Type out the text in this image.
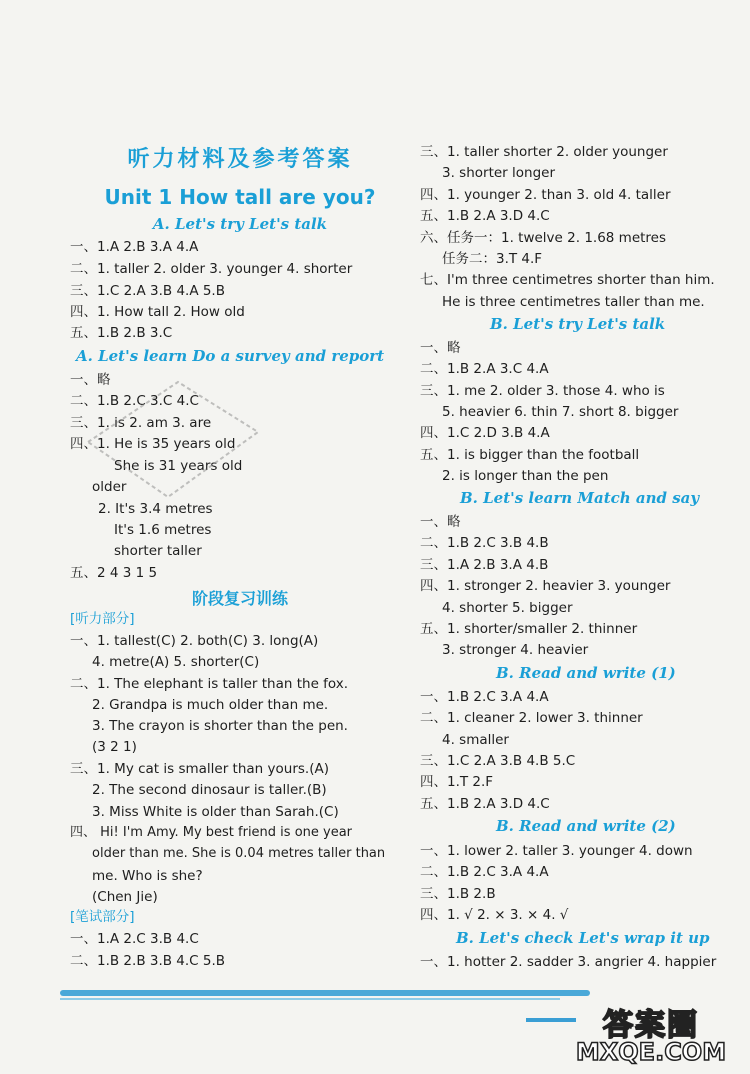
听力材料及参考答案
Unit 1 How tall are you?
A. Let's try Let's talk
一、1.A 2.B 3.A 4.A
二、1. taller 2. older 3. younger 4. shorter
三、1.C 2.A 3.B 4.A 5.B
四、1. How tall 2. How old
五、1.B 2.B 3.C
A. Let's learn Do a survey and report
一、略
二、1.B 2.C 3.C 4.C
三、1. is 2. am 3. are
四、1. He is 35 years old
She is 31 years old
older
2. It's 3.4 metres
It's 1.6 metres
shorter taller
五、2 4 3 1 5
阶段复习训练
[听力部分]
一、1. tallest(C) 2. both(C) 3. long(A)
4. metre(A) 5. shorter(C)
二、1. The elephant is taller than the fox.
2. Grandpa is much older than me.
3. The crayon is shorter than the pen.
(3 2 1)
三、1. My cat is smaller than yours.(A)
2. The second dinosaur is taller.(B)
3. Miss White is older than Sarah.(C)
四、 Hi! I'm Amy. My best friend is one year
older than me. She is 0.04 metres taller than
me. Who is she?
(Chen Jie)
[笔试部分]
一、1.A 2.C 3.B 4.C
二、1.B 2.B 3.B 4.C 5.B
三、1. taller shorter 2. older younger
3. shorter longer
四、1. younger 2. than 3. old 4. taller
五、1.B 2.A 3.D 4.C
六、任务一：1. twelve 2. 1.68 metres
任务二：3.T 4.F
七、I'm three centimetres shorter than him.
He is three centimetres taller than me.
B. Let's try Let's talk
一、略
二、1.B 2.A 3.C 4.A
三、1. me 2. older 3. those 4. who is
5. heavier 6. thin 7. short 8. bigger
四、1.C 2.D 3.B 4.A
五、1. is bigger than the football
2. is longer than the pen
B. Let's learn Match and say
一、略
二、1.B 2.C 3.B 4.B
三、1.A 2.B 3.A 4.B
四、1. stronger 2. heavier 3. younger
4. shorter 5. bigger
五、1. shorter/smaller 2. thinner
3. stronger 4. heavier
B. Read and write (1)
一、1.B 2.C 3.A 4.A
二、1. cleaner 2. lower 3. thinner
4. smaller
三、1.C 2.A 3.B 4.B 5.C
四、1.T 2.F
五、1.B 2.A 3.D 4.C
B. Read and write (2)
一、1. lower 2. taller 3. younger 4. down
二、1.B 2.C 3.A 4.A
三、1.B 2.B
四、1. √ 2. × 3. × 4. √
B. Let's check Let's wrap it up
一、1. hotter 2. sadder 3. angrier 4. happier
答案圈
MXQE.COM
